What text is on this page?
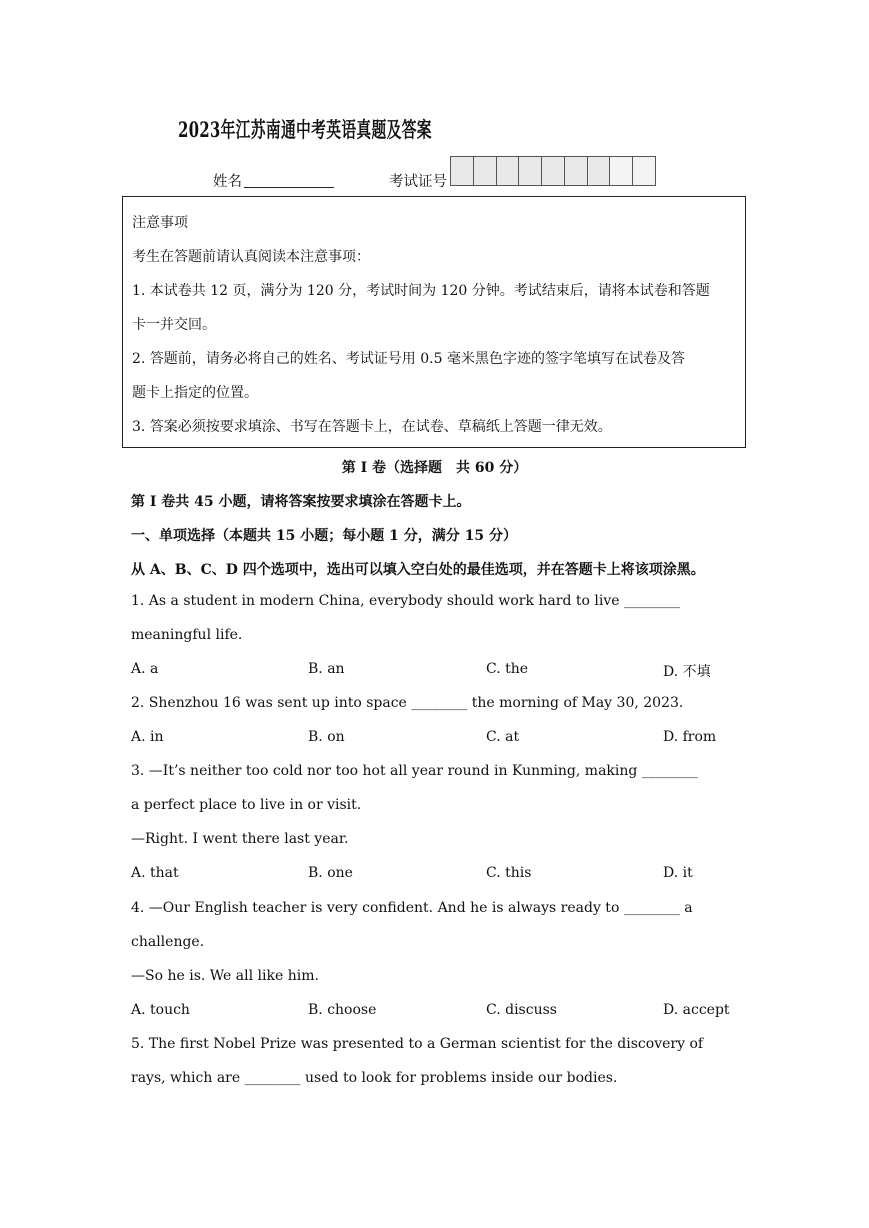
2023年江苏南通中考英语真题及答案
姓名	考试证号
注意事项
考生在答题前请认真阅读本注意事项：
1. 本试卷共 12 页，满分为 120 分，考试时间为 120 分钟。考试结束后，请将本试卷和答题
卡一并交回。
2. 答题前，请务必将自己的姓名、考试证号用 0.5 毫米黑色字迹的签字笔填写在试卷及答
题卡上指定的位置。
3. 答案必须按要求填涂、书写在答题卡上，在试卷、草稿纸上答题一律无效。
第 I 卷（选择题　共 60 分）
第 I 卷共 45 小题，请将答案按要求填涂在答题卡上。
一、单项选择（本题共 15 小题；每小题 1 分，满分 15 分）
从 A、B、C、D 四个选项中，选出可以填入空白处的最佳选项，并在答题卡上将该项涂黑。
1. As a student in modern China, everybody should work hard to live ________
meaningful life.
A. a	B. an	C. the	D. 不填
2. Shenzhou 16 was sent up into space ________ the morning of May 30, 2023.
A. in	B. on	C. at	D. from
3. —It’s neither too cold nor too hot all year round in Kunming, making ________
a perfect place to live in or visit.
—Right. I went there last year.
A. that	B. one	C. this	D. it
4. —Our English teacher is very confident. And he is always ready to ________ a
challenge.
—So he is. We all like him.
A. touch	B. choose	C. discuss	D. accept
5. The first Nobel Prize was presented to a German scientist for the discovery of
rays, which are ________ used to look for problems inside our bodies.
